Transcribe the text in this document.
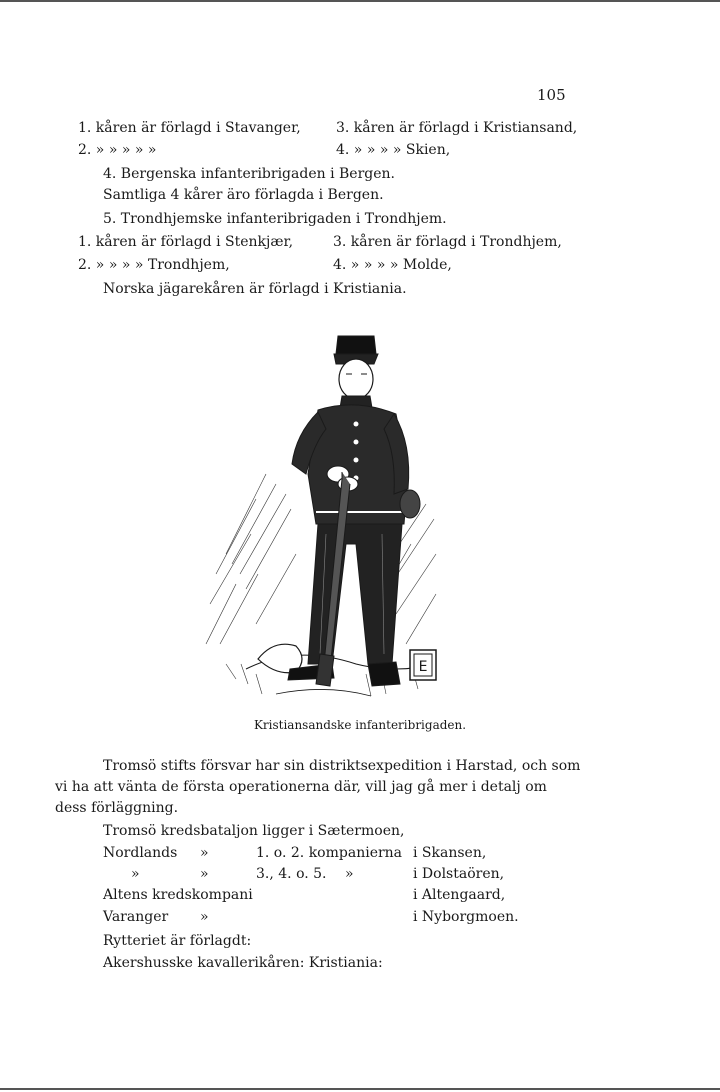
105
1. kåren är förlagd i Stavanger,	3. kåren är förlagd i Kristiansand,
2. » » » » »	4. » » » » Skien,
4. Bergenska infanteribrigaden i Bergen.
Samtliga 4 kårer äro förlagda i Bergen.
5. Trondhjemske infanteribrigaden i Trondhjem.
1. kåren är förlagd i Stenkjær,	3. kåren är förlagd i Trondhjem,
2. » » » » Trondhjem,	4. » » » » Molde,
Norska jägarekåren är förlagd i Kristiania.
E
Kristiansandske infanteribrigaden.
Tromsö stifts försvar har sin distriktsexpedition i Harstad, och som
vi ha att vänta de första operationerna där, vill jag gå mer i detalj om
dess förläggning.
Tromsö kredsbataljon ligger i Sætermoen,
Nordlands »	1. o. 2. kompanierna i Skansen,
»	»	3., 4. o. 5. »	i Dolstaören,
Altens kredskompani	i Altengaard,
Varanger »	i Nyborgmoen.
Rytteriet är förlagdt:
Akershusske kavallerikåren: Kristiania:
